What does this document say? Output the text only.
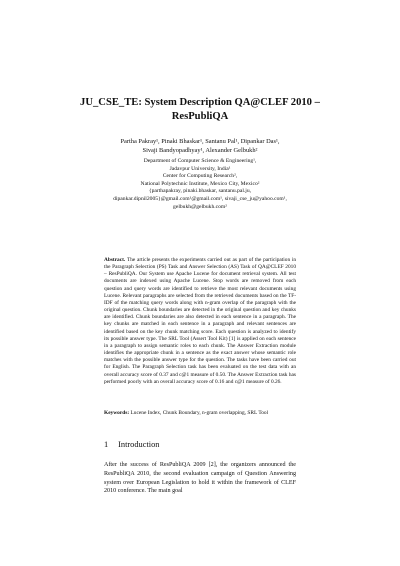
JU_CSE_TE: System Description QA@CLEF 2010 –
ResPubliQA
Partha Pakray¹, Pinaki Bhaskar¹, Santanu Pal¹, Dipankar Das¹,
Sivaji Bandyopadhyay¹, Alexander Gelbukh²
Department of Computer Science & Engineering¹,
Jadavpur University, India¹
Center for Computing Research²,
National Polytechnic Institute, Mexico City, Mexico²
{parthapakray, pinaki.bhaskar, santanu.pal.ju,
dipankar.dipnil2005}@gmail.com¹@gmail.com¹, sivaji_cse_ju@yahoo.com¹,
gelbukh@gelbukh.com²
Abstract. The article presents the experiments carried out as part of the participation in the Paragraph Selection (PS) Task and Answer Selection (AS) Task of QA@CLEF 2010 – ResPubliQA. Our System use Apache Lucene for document retrieval system. All test documents are indexed using Apache Lucene. Stop words are removed from each question and query words are identified to retrieve the most relevant documents using Lucene. Relevant paragraphs are selected from the retrieved documents based on the TF-IDF of the matching query words along with n-gram overlap of the paragraph with the original question. Chunk boundaries are detected in the original question and key chunks are identified. Chunk boundaries are also detected in each sentence in a paragraph. The key chunks are matched in each sentence in a paragraph and relevant sentences are identified based on the key chunk matching score. Each question is analyzed to identify its possible answer type. The SRL Tool (Assert Tool Kit) [1] is applied on each sentence in a paragraph to assign semantic roles to each chunk. The Answer Extraction module identifies the appropriate chunk in a sentence as the exact answer whose semantic role matches with the possible answer type for the question. The tasks have been carried out for English. The Paragraph Selection task has been evaluated on the test data with an overall accuracy score of 0.37 and c@1 measure of 0.50. The Answer Extraction task has performed poorly with an overall accuracy score of 0.16 and c@1 measure of 0.26.
Keywords: Lucene Index, Chunk Boundary, n-gram overlapping, SRL Tool
1 Introduction
After the success of ResPubliQA 2009 [2], the organizers announced the ResPubliQA 2010, the second evaluation campaign of Question Answering system over European Legislation to hold it within the framework of CLEF 2010 conference. The main goal
